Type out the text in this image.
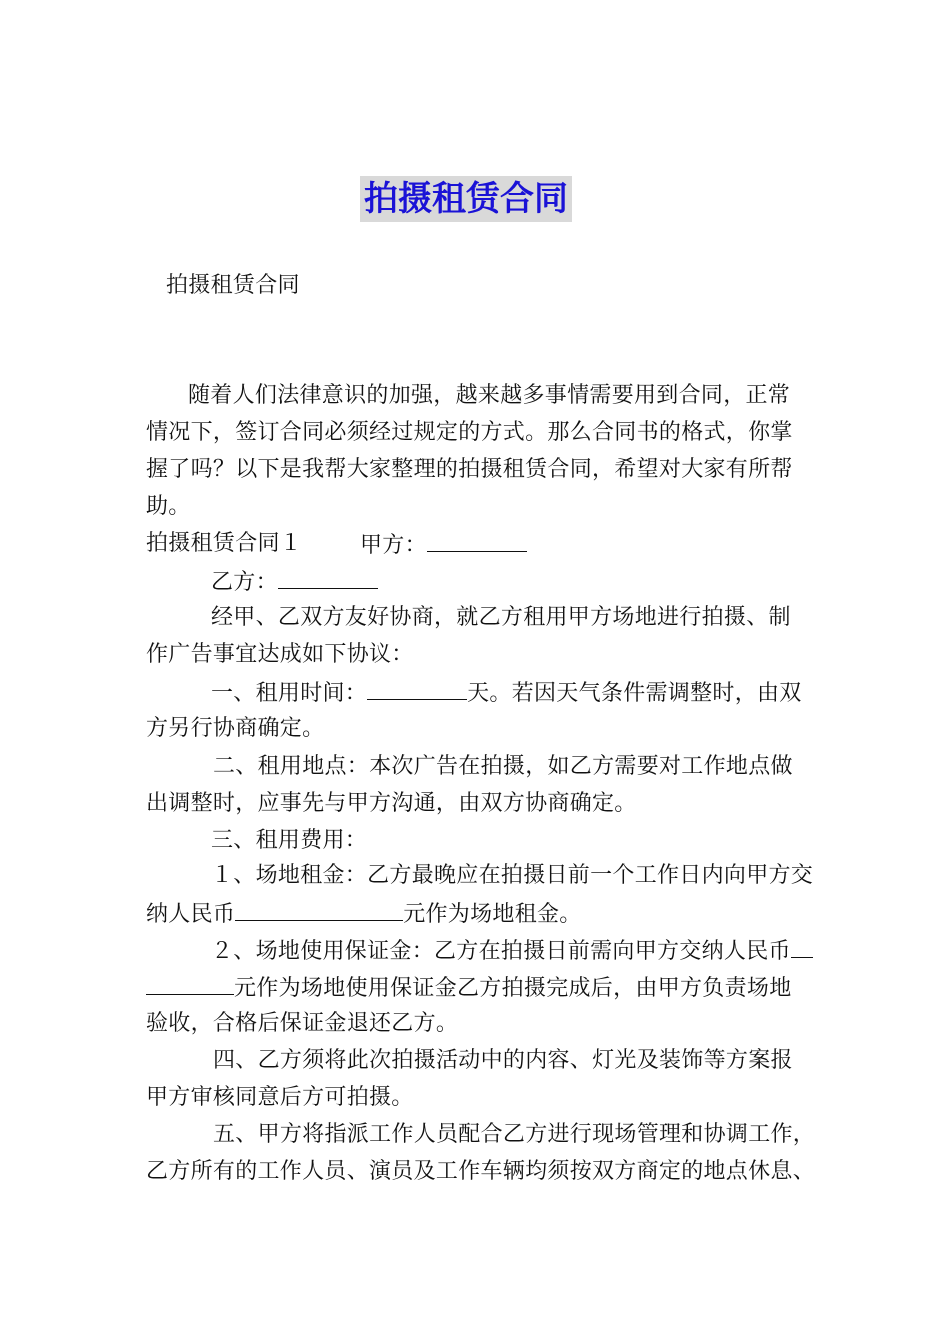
拍摄租赁合同
拍摄租赁合同
随着人们法律意识的加强，越来越多事情需要用到合同，正常
情况下，签订合同必须经过规定的方式。那么合同书的格式，你掌
握了吗？以下是我帮大家整理的拍摄租赁合同，希望对大家有所帮
助。
拍摄租赁合同１	甲方：
乙方：
经甲、乙双方友好协商，就乙方租用甲方场地进行拍摄、制
作广告事宜达成如下协议：
一、租用时间：	天。若因天气条件需调整时，由双
方另行协商确定。
二、租用地点：本次广告在拍摄，如乙方需要对工作地点做
出调整时，应事先与甲方沟通，由双方协商确定。
三、租用费用：
１、场地租金：乙方最晚应在拍摄日前一个工作日内向甲方交
纳人民币	元作为场地租金。
２、场地使用保证金：乙方在拍摄日前需向甲方交纳人民币
元作为场地使用保证金乙方拍摄完成后，由甲方负责场地
验收，合格后保证金退还乙方。
四、乙方须将此次拍摄活动中的内容、灯光及装饰等方案报
甲方审核同意后方可拍摄。
五、甲方将指派工作人员配合乙方进行现场管理和协调工作，
乙方所有的工作人员、演员及工作车辆均须按双方商定的地点休息、
